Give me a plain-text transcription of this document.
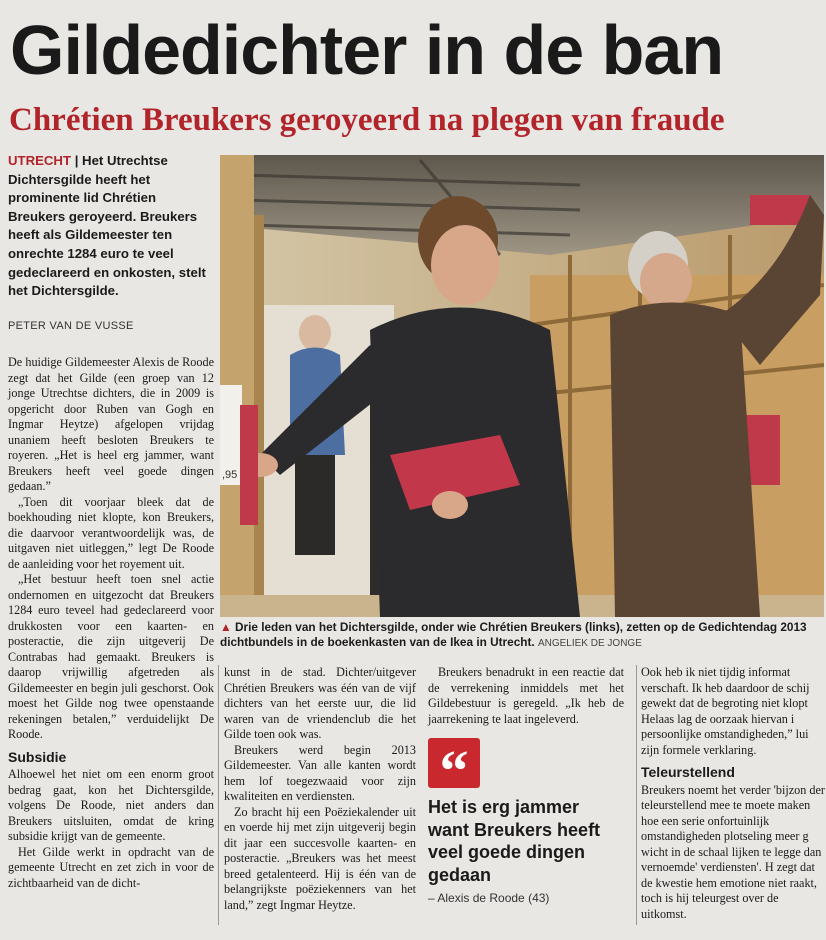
Gildedichter in de ban
Chrétien Breukers geroyeerd na plegen van fraude
UTRECHT | Het Utrechtse Dichtersgilde heeft het prominente lid Chrétien Breukers geroyeerd. Breukers heeft als Gildemeester ten onrechte 1284 euro te veel gedeclareerd en onkosten, stelt het Dichtersgilde.
PETER VAN DE VUSSE

De huidige Gildemeester Alexis de Roode zegt dat het Gilde (een groep van 12 jonge Utrechtse dichters, die in 2009 is opgericht door Ruben van Gogh en Ingmar Heytze) afgelopen vrijdag unaniem heeft besloten Breukers te royeren. „Het is heel erg jammer, want Breukers heeft veel goede dingen gedaan.”

„Toen dit voorjaar bleek dat de boekhouding niet klopte, kon Breukers, die daarvoor verantwoordelijk was, de uitgaven niet uitleggen,” legt De Roode de aanleiding voor het royement uit.

„Het bestuur heeft toen snel actie ondernomen en uitgezocht dat Breukers 1284 euro teveel had gedeclareerd voor drukkosten voor een kaarten- en posteractie, die zijn uitgeverij De Contrabas had gemaakt. Breukers is daarop vrijwillig afgetreden als Gildemeester en begin juli geschorst. Ook moest het Gilde nog twee openstaande rekeningen betalen,” verduidelijkt De Roode.

Subsidie

Alhoewel het niet om een enorm groot bedrag gaat, kon het Dichtersgilde, volgens De Roode, niet anders dan Breukers uitsluiten, omdat de kring subsidie krijgt van de gemeente.

Het Gilde werkt in opdracht van de gemeente Utrecht en zet zich in voor de zichtbaarheid van de dicht-

,95
▲ Drie leden van het Dichtersgilde, onder wie Chrétien Breukers (links), zetten op de Gedichtendag 2013 dichtbundels in de boekenkasten van de Ikea in Utrecht. ANGELIEK DE JONGE

kunst in de stad. Dichter/uitgever Chrétien Breukers was één van de vijf dichters van het eerste uur, die lid waren van de vriendenclub die het Gilde toen ook was.

Breukers werd begin 2013 Gildemeester. Van alle kanten wordt hem lof toegezwaaid voor zijn kwaliteiten en verdiensten.

Zo bracht hij een Poëziekalender uit en voerde hij met zijn uitgeverij begin dit jaar een succesvolle kaarten- en posteractie. „Breukers was het meest breed getalenteerd. Hij is één van de belangrijkste poëziekenners van het land,” zegt Ingmar Heytze.

Breukers benadrukt in een reactie dat de verrekening inmiddels met het Gildebestuur is geregeld. „Ik heb de jaarrekening te laat ingeleverd.

“
Het is erg jammer want Breukers heeft veel goede dingen gedaan
– Alexis de Roode (43)

Ook heb ik niet tijdig informat verschaft. Ik heb daardoor de schij gewekt dat de begroting niet klopt Helaas lag de oorzaak hiervan i persoonlijke omstandigheden,” lui zijn formele verklaring.

Teleurstellend

Breukers noemt het verder 'bijzon der teleurstellend mee te moete maken hoe een serie onfortuinlijk omstandigheden plotseling meer g wicht in de schaal lijken te legge dan vernoemde' verdiensten'. H zegt dat de kwestie hem emotione niet raakt, toch is hij teleurgest over de uitkomst.
